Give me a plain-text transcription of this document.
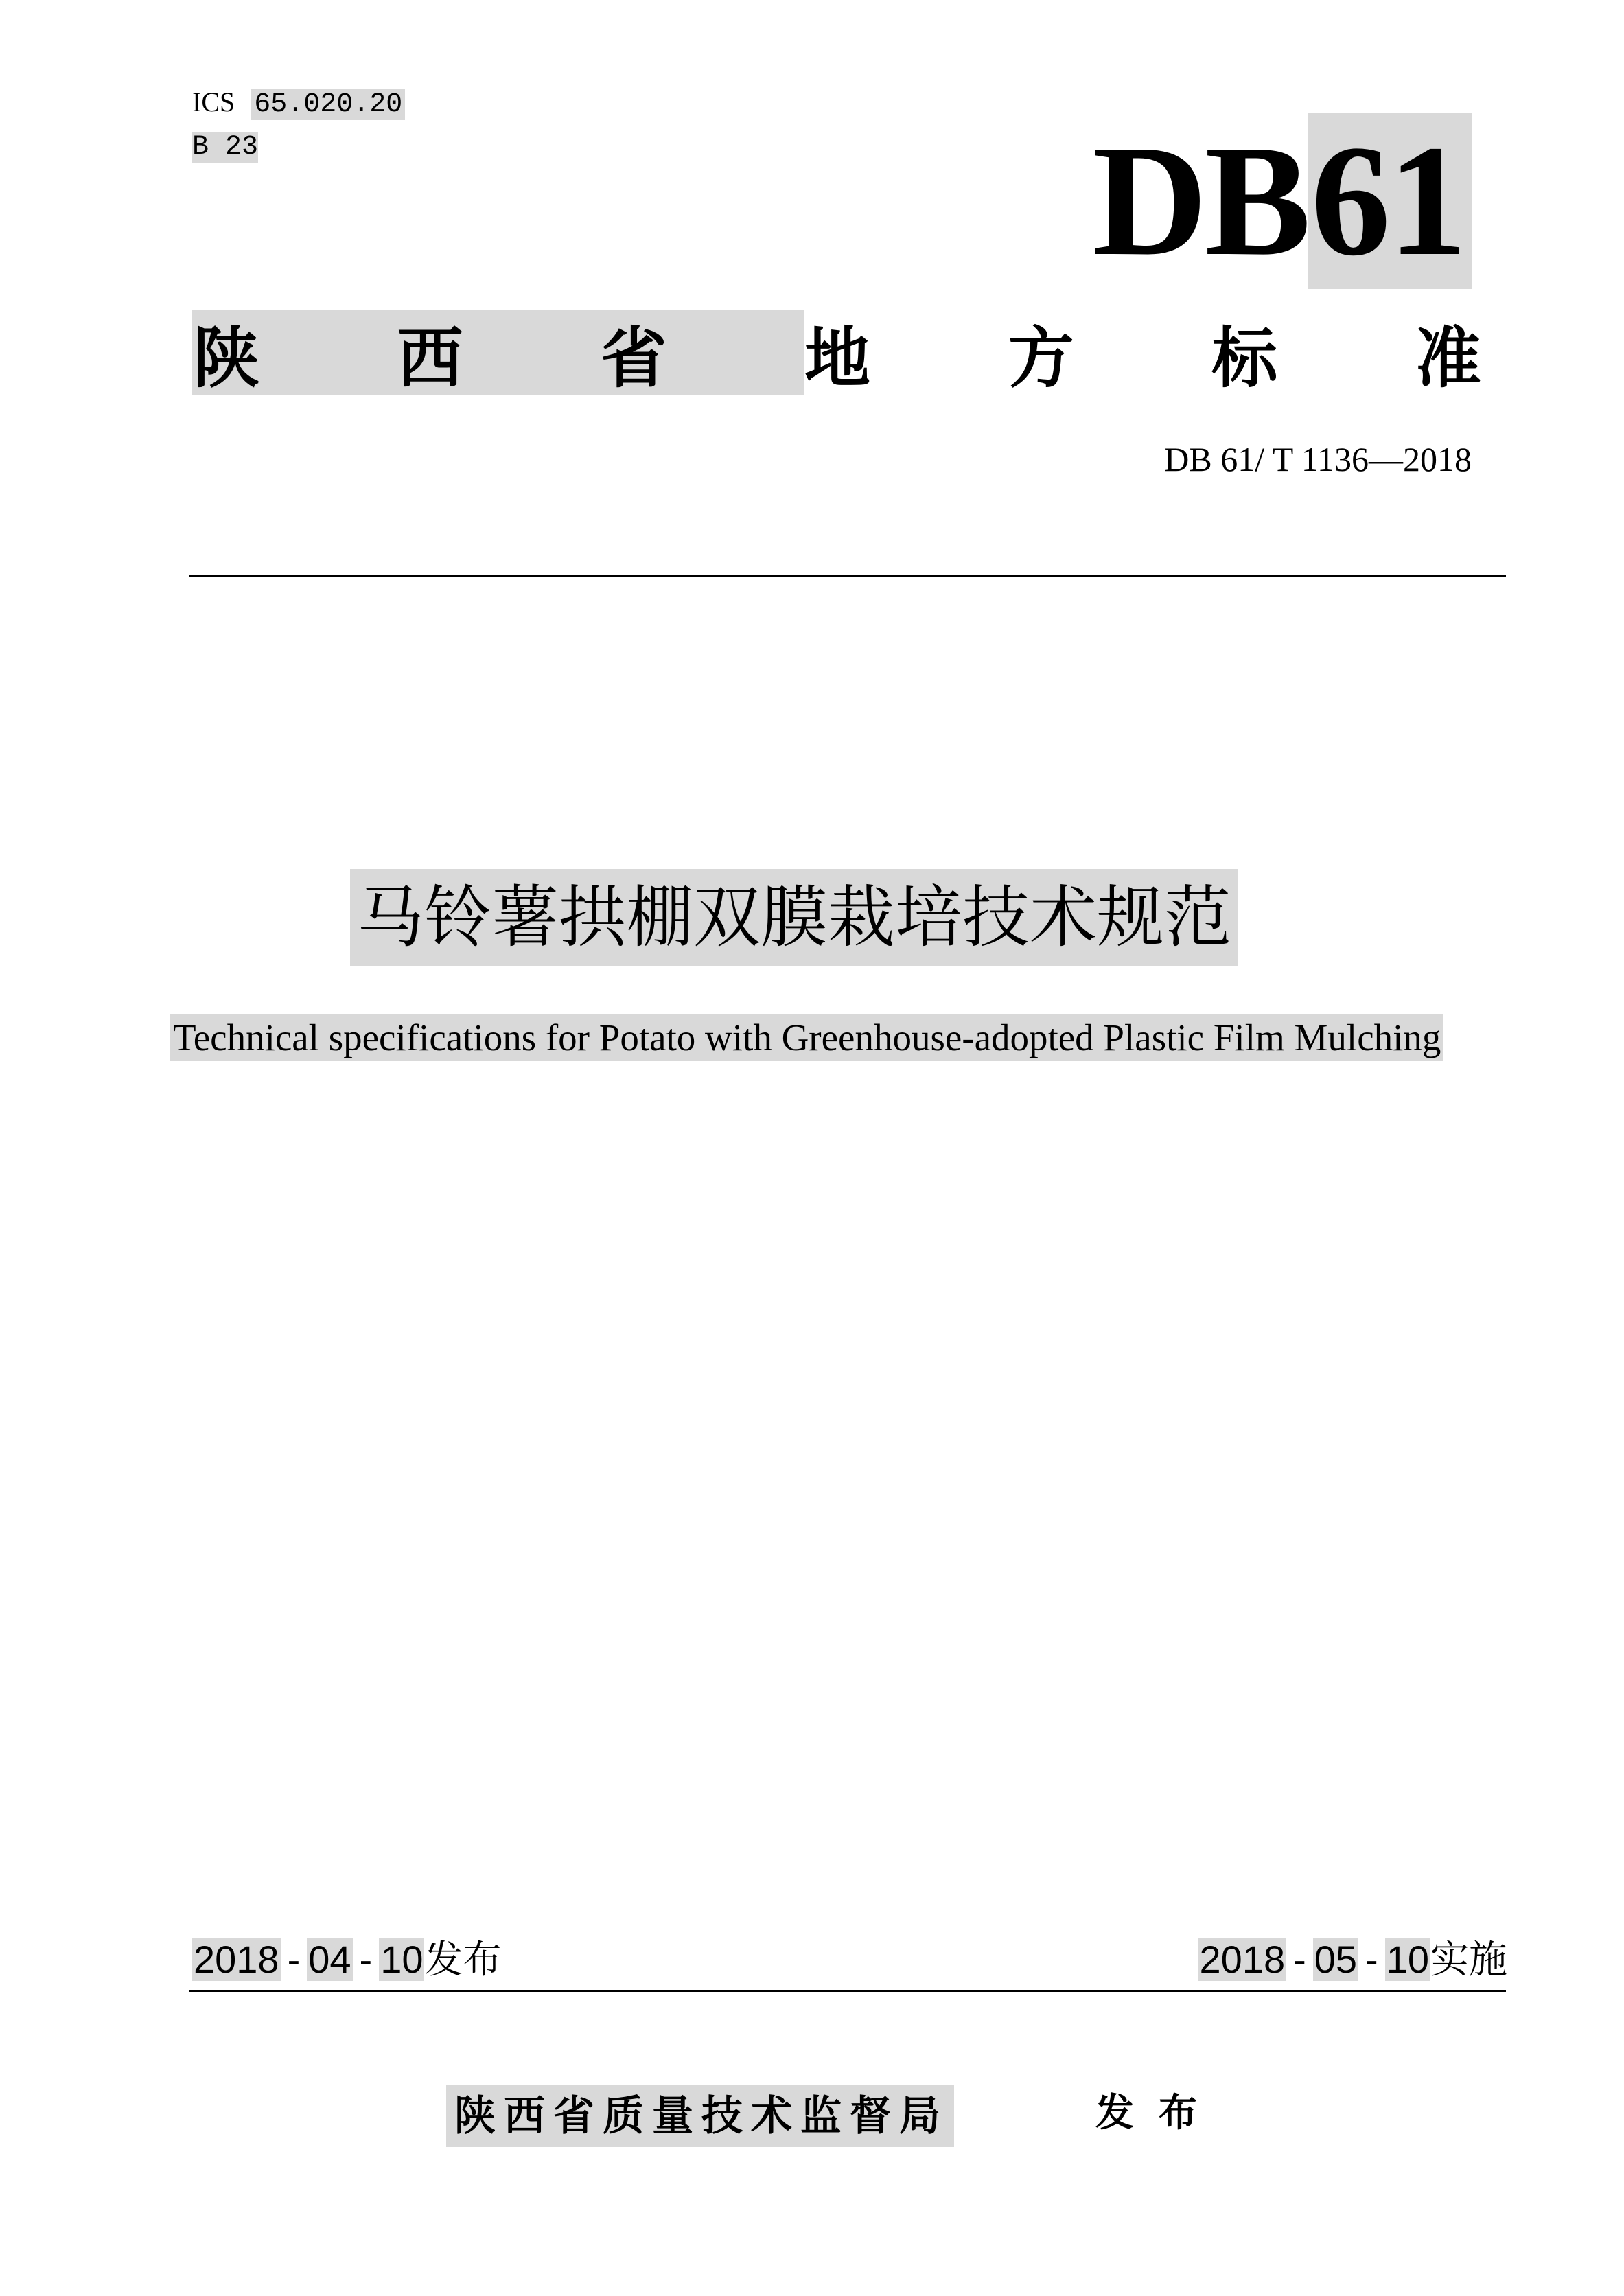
ICS 65.020.20
B 23	DB61
陕 西 省 地 方 标 准
DB 61/ T 1136—2018
马铃薯拱棚双膜栽培技术规范
Technical specifications for Potato with Greenhouse-adopted Plastic Film Mulching
2018 - 04 - 10发布	2018 - 05 - 10实施
陕西省质量技术监督局	发布
